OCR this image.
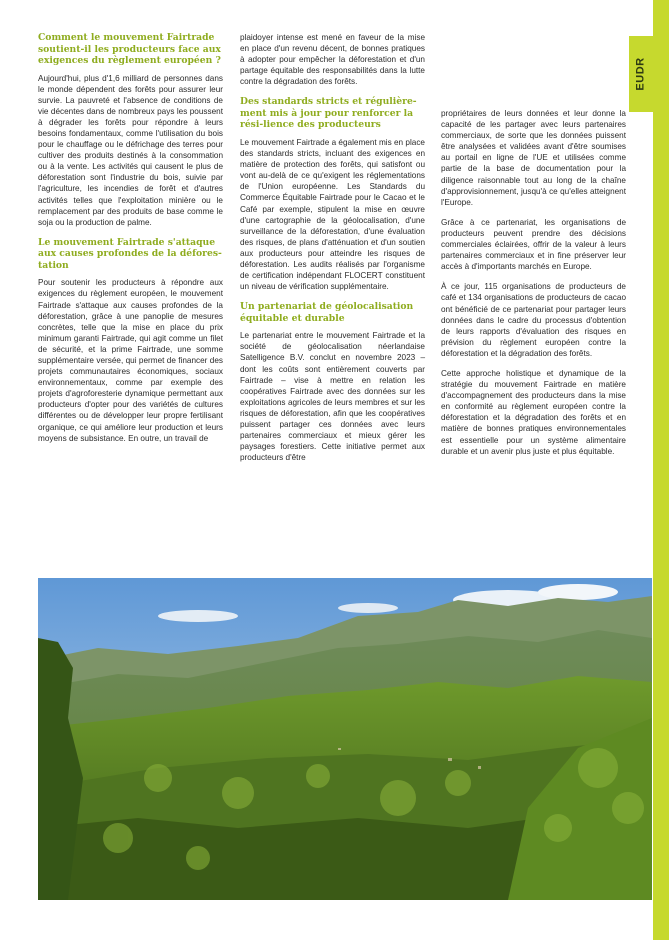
EUDR
Comment le mouvement Fairtrade soutient-il les producteurs face aux exigences du règlement européen ?

Aujourd'hui, plus d'1,6 milliard de personnes dans le monde dépendent des forêts pour assurer leur survie. La pauvreté et l'absence de conditions de vie décentes dans de nombreux pays les poussent à dégrader les forêts pour répondre à leurs besoins fondamentaux, comme l'utilisation du bois pour le chauffage ou le défrichage des terres pour cultiver des produits destinés à la consommation ou à la vente. Les activités qui causent le plus de déforestation sont l'industrie du bois, suivie par l'agriculture, les incendies de forêt et d'autres activités telles que l'exploitation minière ou le remplacement par des produits de base comme le soja ou la production de palme.

Le mouvement Fairtrade s'attaque aux causes profondes de la défores-tation

Pour soutenir les producteurs à répondre aux exigences du règlement européen, le mouvement Fairtrade s'attaque aux causes profondes de la déforestation, grâce à une panoplie de mesures concrètes, telle que la mise en place du prix minimum garanti Fairtrade, qui agit comme un filet de sécurité, et la prime Fairtrade, une somme supplémentaire versée, qui permet de financer des projets communautaires économiques, sociaux environnementaux, comme par exemple des projets d'agroforesterie dynamique permettant aux producteurs d'opter pour des variétés de cultures différentes ou de développer leur propre fertilisant organique, ce qui améliore leur production et leurs moyens de subsistance. En outre, un travail de

plaidoyer intense est mené en faveur de la mise en place d'un revenu décent, de bonnes pratiques à adopter pour empêcher la déforestation et d'un partage équitable des responsabilités dans la lutte contre la dégradation des forêts.

Des standards stricts et régulière-ment mis à jour pour renforcer la rési-lience des producteurs

Le mouvement Fairtrade a également mis en place des standards stricts, incluant des exigences en matière de protection des forêts, qui satisfont ou vont au-delà de ce qu'exigent les réglementations de l'Union européenne. Les Standards du Commerce Équitable Fairtrade pour le Cacao et le Café par exemple, stipulent la mise en œuvre d'une cartographie de la géolocalisation, d'une surveillance de la déforestation, d'une évaluation des risques, de plans d'atténuation et d'un soutien aux producteurs pour atteindre les risques de déforestation. Les audits réalisés par l'organisme de certification indépendant FLOCERT constituent un niveau de vérification supplémentaire.

Un partenariat de géolocalisation équitable et durable

Le partenariat entre le mouvement Fairtrade et la société de géolocalisation néerlandaise Satelligence B.V. conclut en novembre 2023 – dont les coûts sont entièrement couverts par Fairtrade – vise à mettre en relation les coopératives Fairtrade avec des données sur les exploitations agricoles de leurs membres et sur les risques de déforestation, afin que les coopératives puissent partager ces données avec leurs partenaires commerciaux et mieux gérer les paysages forestiers. Cette initiative permet aux producteurs d'être

propriétaires de leurs données et leur donne la capacité de les partager avec leurs partenaires commerciaux, de sorte que les données puissent être analysées et validées avant d'être soumises au portail en ligne de l'UE et utilisées comme partie de la base de documentation pour la diligence raisonnable tout au long de la chaîne d'approvisionnement, jusqu'à ce qu'elles atteignent l'Europe.

Grâce à ce partenariat, les organisations de producteurs peuvent prendre des décisions commerciales éclairées, offrir de la valeur à leurs partenaires commerciaux et in fine préserver leur accès à d'importants marchés en Europe.

À ce jour, 115 organisations de producteurs de café et 134 organisations de producteurs de cacao ont bénéficié de ce partenariat pour partager leurs données dans le cadre du processus d'obtention de leurs rapports d'évaluation des risques en prévision du règlement européen contre la déforestation et la dégradation des forêts.

Cette approche holistique et dynamique de la stratégie du mouvement Fairtrade en matière d'accompagnement des producteurs dans la mise en conformité au règlement européen contre la déforestation et la dégradation des forêts et en matière de bonnes pratiques environnementales est essentielle pour un système alimentaire durable et un avenir plus juste et plus équitable.
